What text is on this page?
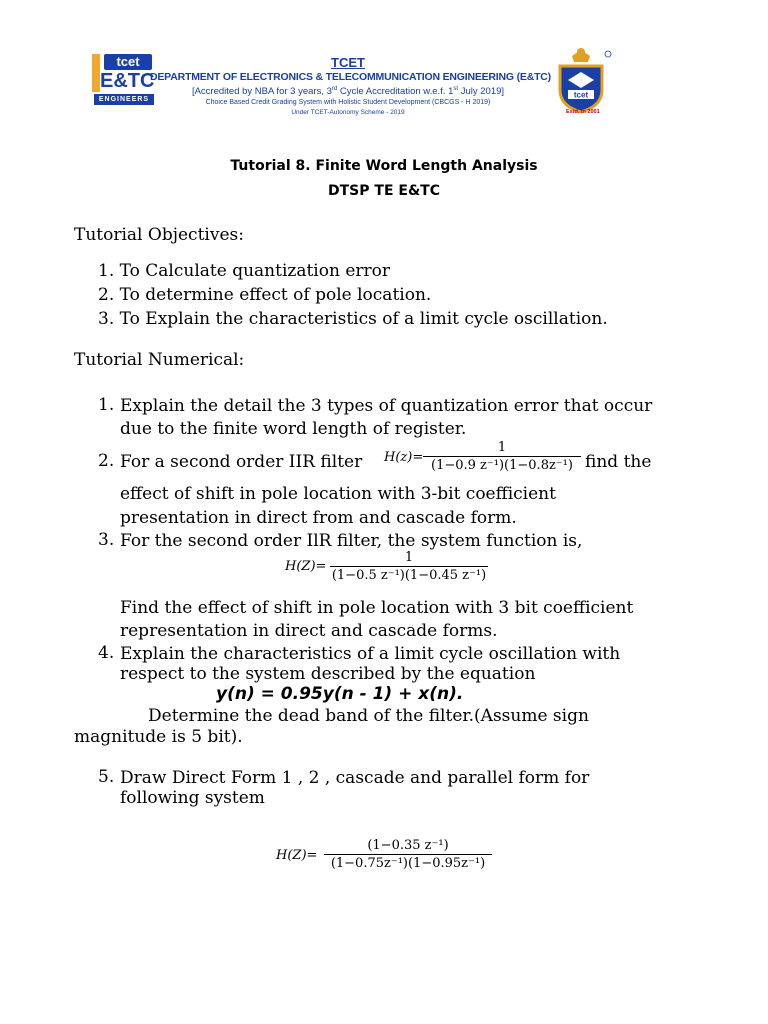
tcet
E&TC
ENGINEERS
TCET
DEPARTMENT OF ELECTRONICS & TELECOMMUNICATION ENGINEERING (E&TC)
[Accredited by NBA for 3 years, 3rd Cycle Accreditation w.e.f. 1st July 2019]
Choice Based Credit Grading System with Holistic Student Development (CBCGS - H 2019)
Under TCET-Autonomy Scheme - 2019
tcet
Estd. in 2001
Tutorial 8. Finite Word Length Analysis
DTSP TE E&TC
Tutorial Objectives:
1. To Calculate quantization error
2. To determine effect of pole location.
3. To Explain the characteristics of a limit cycle oscillation.
Tutorial Numerical:
1. Explain the detail the 3 types of quantization error that occur
due to the finite word length of register.
2. For a second order IIR filter H(z)=
1
(1−0.9 z⁻¹)(1−0.8z⁻¹) find the
effect of shift in pole location with 3-bit coefficient
presentation in direct from and cascade form.
3. For the second order IlR filter, the system function is,
H(Z)=
1
(1−0.5 z⁻¹)(1−0.45 z⁻¹)
Find the effect of shift in pole location with 3 bit coefficient
representation in direct and cascade forms.
4. Explain the characteristics of a limit cycle oscillation with
respect to the system described by the equation
y(n) = 0.95y(n - 1) + x(n).
Determine the dead band of the filter.(Assume sign
magnitude is 5 bit).
5. Draw Direct Form 1 , 2 , cascade and parallel form for
following system
H(Z)=
(1−0.35 z⁻¹)
(1−0.75z⁻¹)(1−0.95z⁻¹)
